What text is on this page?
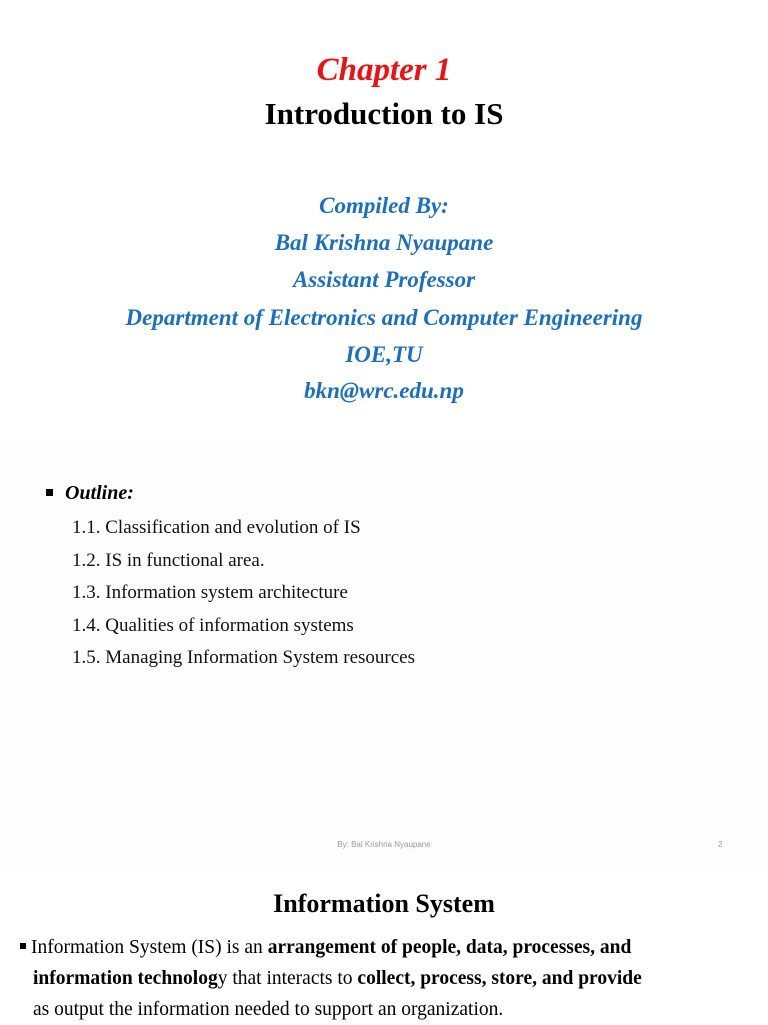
Chapter 1
Introduction to IS
Compiled By:
Bal Krishna Nyaupane
Assistant Professor
Department of Electronics and Computer Engineering
IOE,TU
bkn@wrc.edu.np
Outline:
1.1. Classification and evolution of IS
1.2. IS in functional area.
1.3. Information system architecture
1.4. Qualities of information systems
1.5. Managing Information System resources
By: Bal Krishna Nyaupane	2
Information System
Information System (IS) is an arrangement of people, data, processes, and
information technology that interacts to collect, process, store, and provide
as output the information needed to support an organization.
